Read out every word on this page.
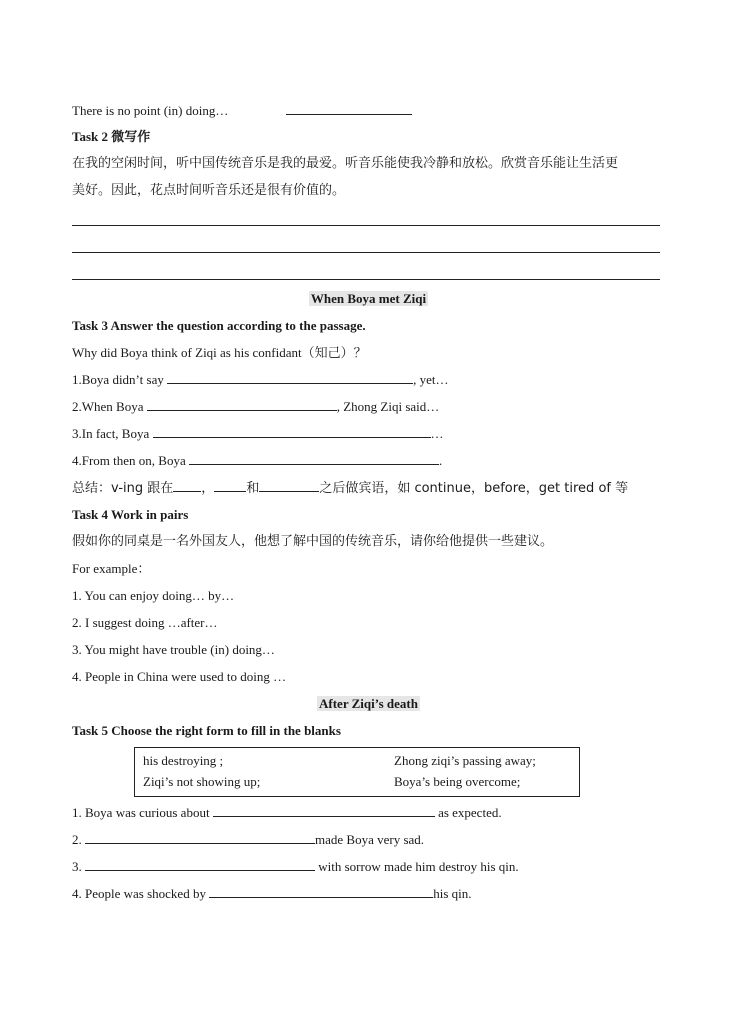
There is no point (in) doing…
Task 2 微写作
在我的空闲时间，听中国传统音乐是我的最爱。听音乐能使我冷静和放松。欣赏音乐能让生活更
美好。因此，花点时间听音乐还是很有价值的。
When Boya met Ziqi
Task 3 Answer the question according to the passage.
Why did Boya think of Ziqi as his confidant（知己）？
1.Boya didn’t say	, yet…
2.When Boya	, Zhong Ziqi said…
3.In fact, Boya	…
4.From then on, Boya	.
总结：v-ing 跟在 ， 和	之后做宾语，如 continue，before，get tired of 等
Task 4 Work in pairs
假如你的同桌是一名外国友人，他想了解中国的传统音乐，请你给他提供一些建议。
For example：
1. You can enjoy doing… by…
2. I suggest doing …after…
3. You might have trouble (in) doing…
4. People in China were used to doing …
After Ziqi’s death
Task 5 Choose the right form to fill in the blanks
his destroying ;	Zhong ziqi’s passing away;
Ziqi’s not showing up;	Boya’s being overcome;
1. Boya was curious about	as expected.
2.	made Boya very sad.
3.	with sorrow made him destroy his qin.
4. People was shocked by	his qin.
